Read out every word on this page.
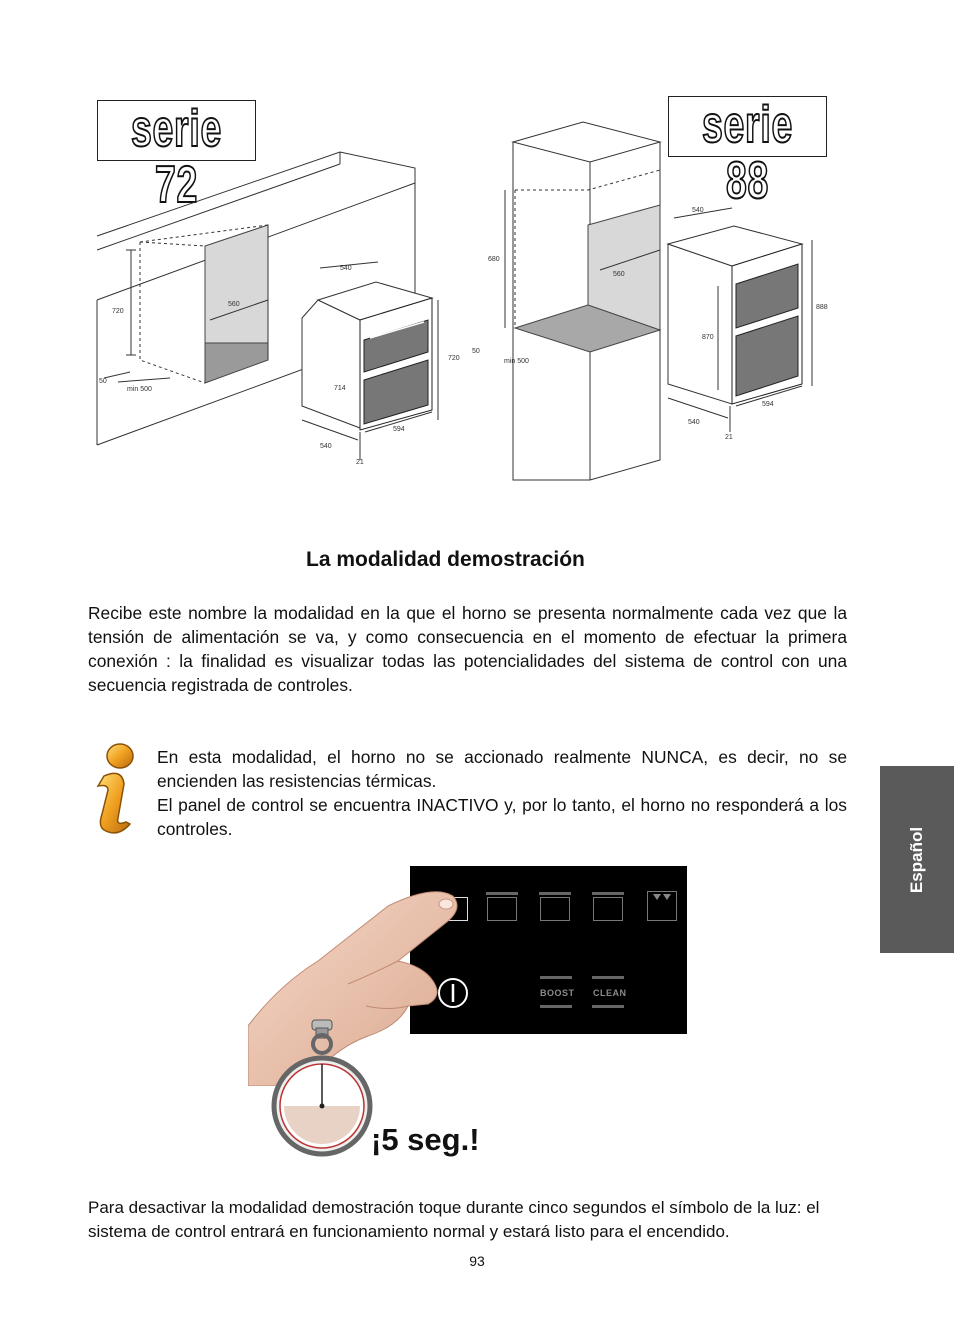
serie 72
serie 88
720
560
540
50
min 500
720
714
540
594
21
680
560
50
min 500
540
888
870
540
594
21
La modalidad demostración

Recibe este nombre la modalidad en la que el horno se presenta normalmente cada vez que la tensión de alimentación se va, y como consecuencia en el momento de efectuar la primera conexión : la finalidad es visualizar todas las potencialidades del sistema de control con una secuencia registrada de controles.

En esta modalidad, el horno no se accionado realmente NUNCA, es decir, no se encienden las resistencias térmicas.

El panel de control se encuentra INACTIVO y, por lo tanto, el horno no responderá a los controles.	Español
BOOST CLEAN

¡5 seg.!

Para desactivar la modalidad demostración toque durante cinco segundos el símbolo de la luz: el sistema de control entrará en funcionamiento normal y estará listo para el encendido.

93
